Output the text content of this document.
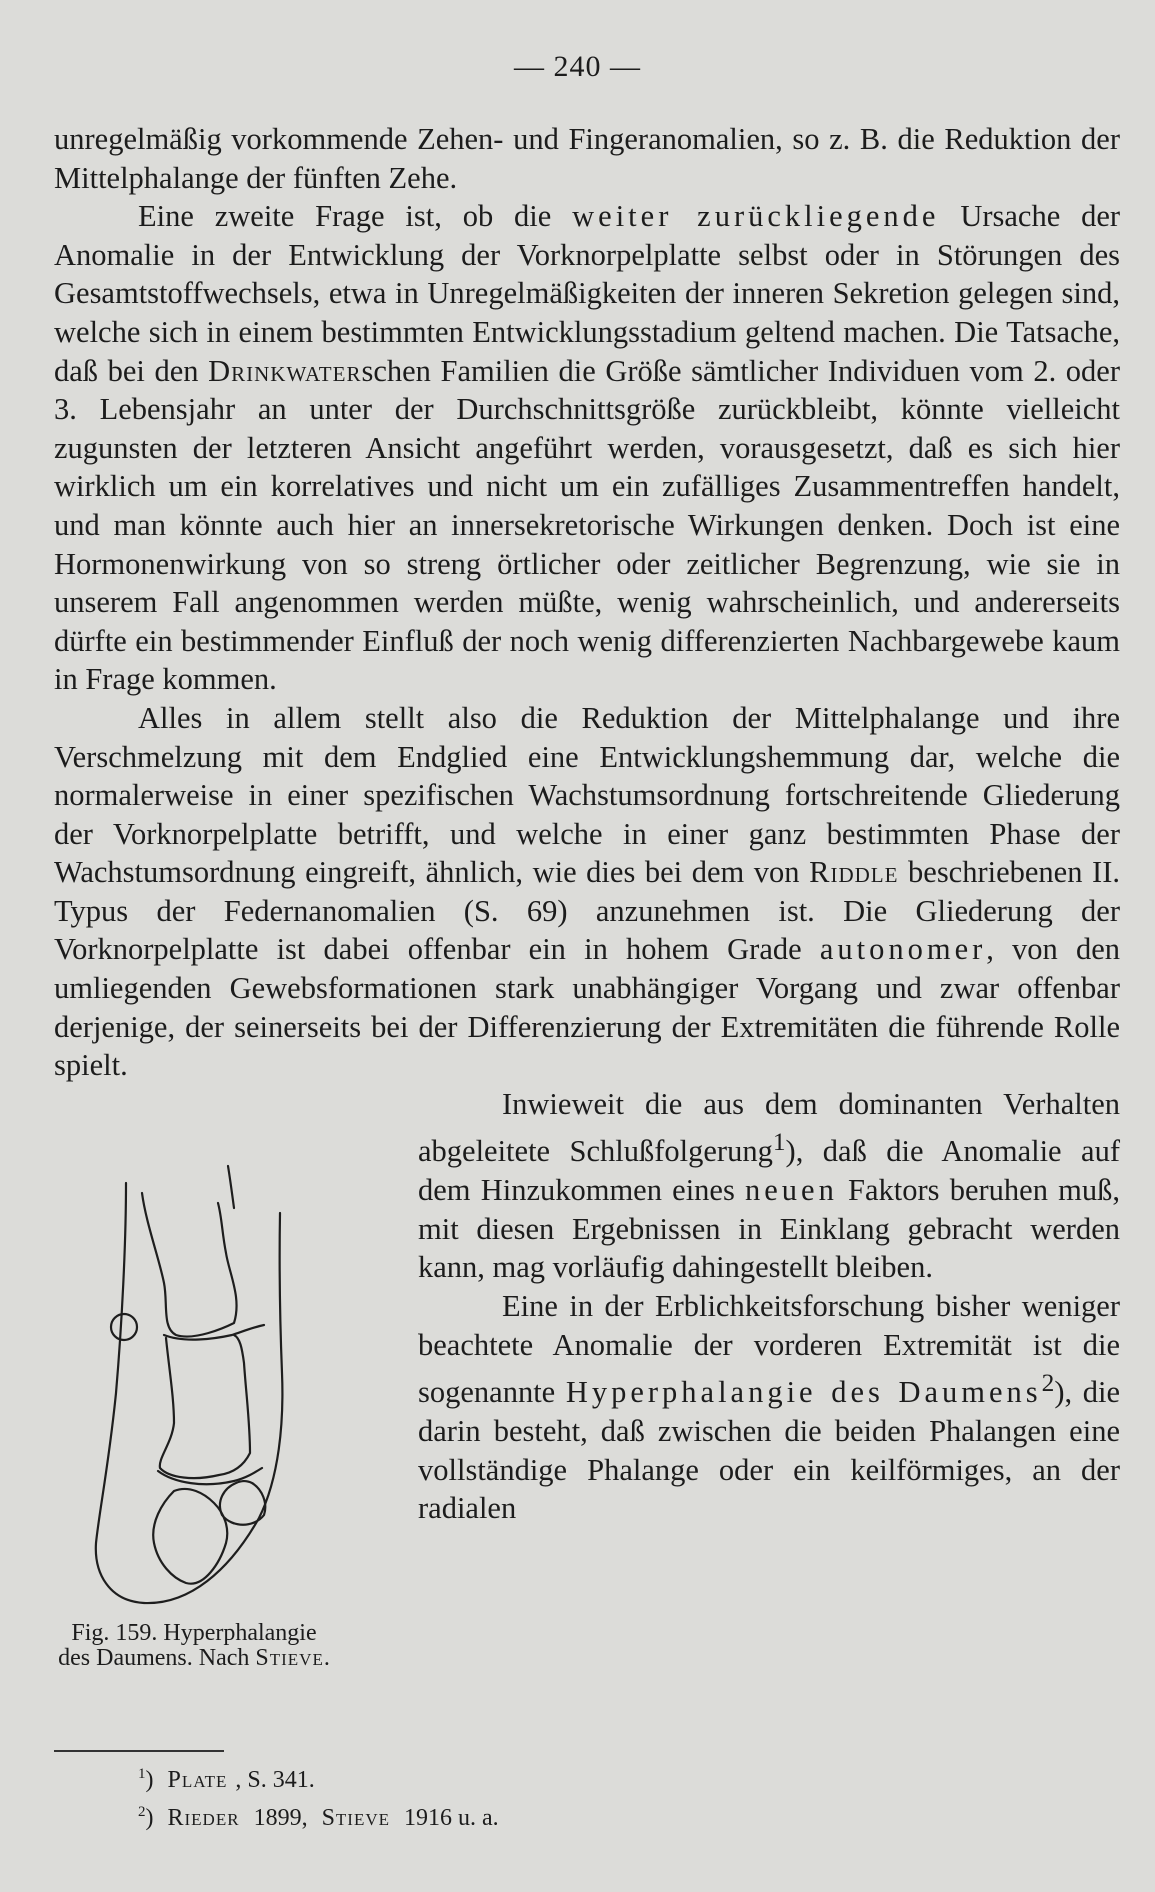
— 240 —

unregelmäßig vorkommende Zehen- und Fingeranomalien, so z. B. die Reduktion der Mittelphalange der fünften Zehe.

Eine zweite Frage ist, ob die weiter zurückliegende Ursache der Anomalie in der Entwicklung der Vorknorpelplatte selbst oder in Störungen des Gesamtstoffwechsels, etwa in Unregelmäßigkeiten der inneren Sekretion gelegen sind, welche sich in einem bestimmten Entwicklungsstadium geltend machen. Die Tatsache, daß bei den Drinkwaterschen Familien die Größe sämtlicher Individuen vom 2. oder 3. Lebensjahr an unter der Durchschnittsgröße zurückbleibt, könnte vielleicht zugunsten der letzteren Ansicht angeführt werden, vorausgesetzt, daß es sich hier wirklich um ein korrelatives und nicht um ein zufälliges Zusammentreffen handelt, und man könnte auch hier an innersekretorische Wirkungen denken. Doch ist eine Hormonenwirkung von so streng örtlicher oder zeitlicher Begrenzung, wie sie in unserem Fall angenommen werden müßte, wenig wahrscheinlich, und andererseits dürfte ein bestimmender Einfluß der noch wenig differenzierten Nachbargewebe kaum in Frage kommen.

Alles in allem stellt also die Reduktion der Mittelphalange und ihre Verschmelzung mit dem Endglied eine Entwicklungshemmung dar, welche die normalerweise in einer spezifischen Wachstumsordnung fortschreitende Gliederung der Vorknorpelplatte betrifft, und welche in einer ganz bestimmten Phase der Wachstumsordnung eingreift, ähnlich, wie dies bei dem von Riddle beschriebenen II. Typus der Federnanomalien (S. 69) anzunehmen ist. Die Gliederung der Vorknorpelplatte ist dabei offenbar ein in hohem Grade autonomer, von den umliegenden Gewebsformationen stark unabhängiger Vorgang und zwar offenbar derjenige, der seinerseits bei der Differenzierung der Extremitäten die führende Rolle spielt.

Fig. 159. Hyperphalangie des Daumens. Nach Stieve.

Inwieweit die aus dem dominanten Verhalten abgeleitete Schlußfolgerung$^1$), daß die Anomalie auf dem Hinzukommen eines neuen Faktors beruhen muß, mit diesen Ergebnissen in Einklang gebracht werden kann, mag vorläufig dahingestellt bleiben.

Eine in der Erblichkeitsforschung bisher weniger beachtete Anomalie der vorderen Extremität ist die sogenannte Hyperphalangie des Daumens$^2$), die darin besteht, daß zwischen die beiden Phalangen eine vollständige Phalange oder ein keilförmiges, an der radialen

$^1$) Plate , S. 341.
$^2$) Rieder 1899, Stieve 1916 u. a.
